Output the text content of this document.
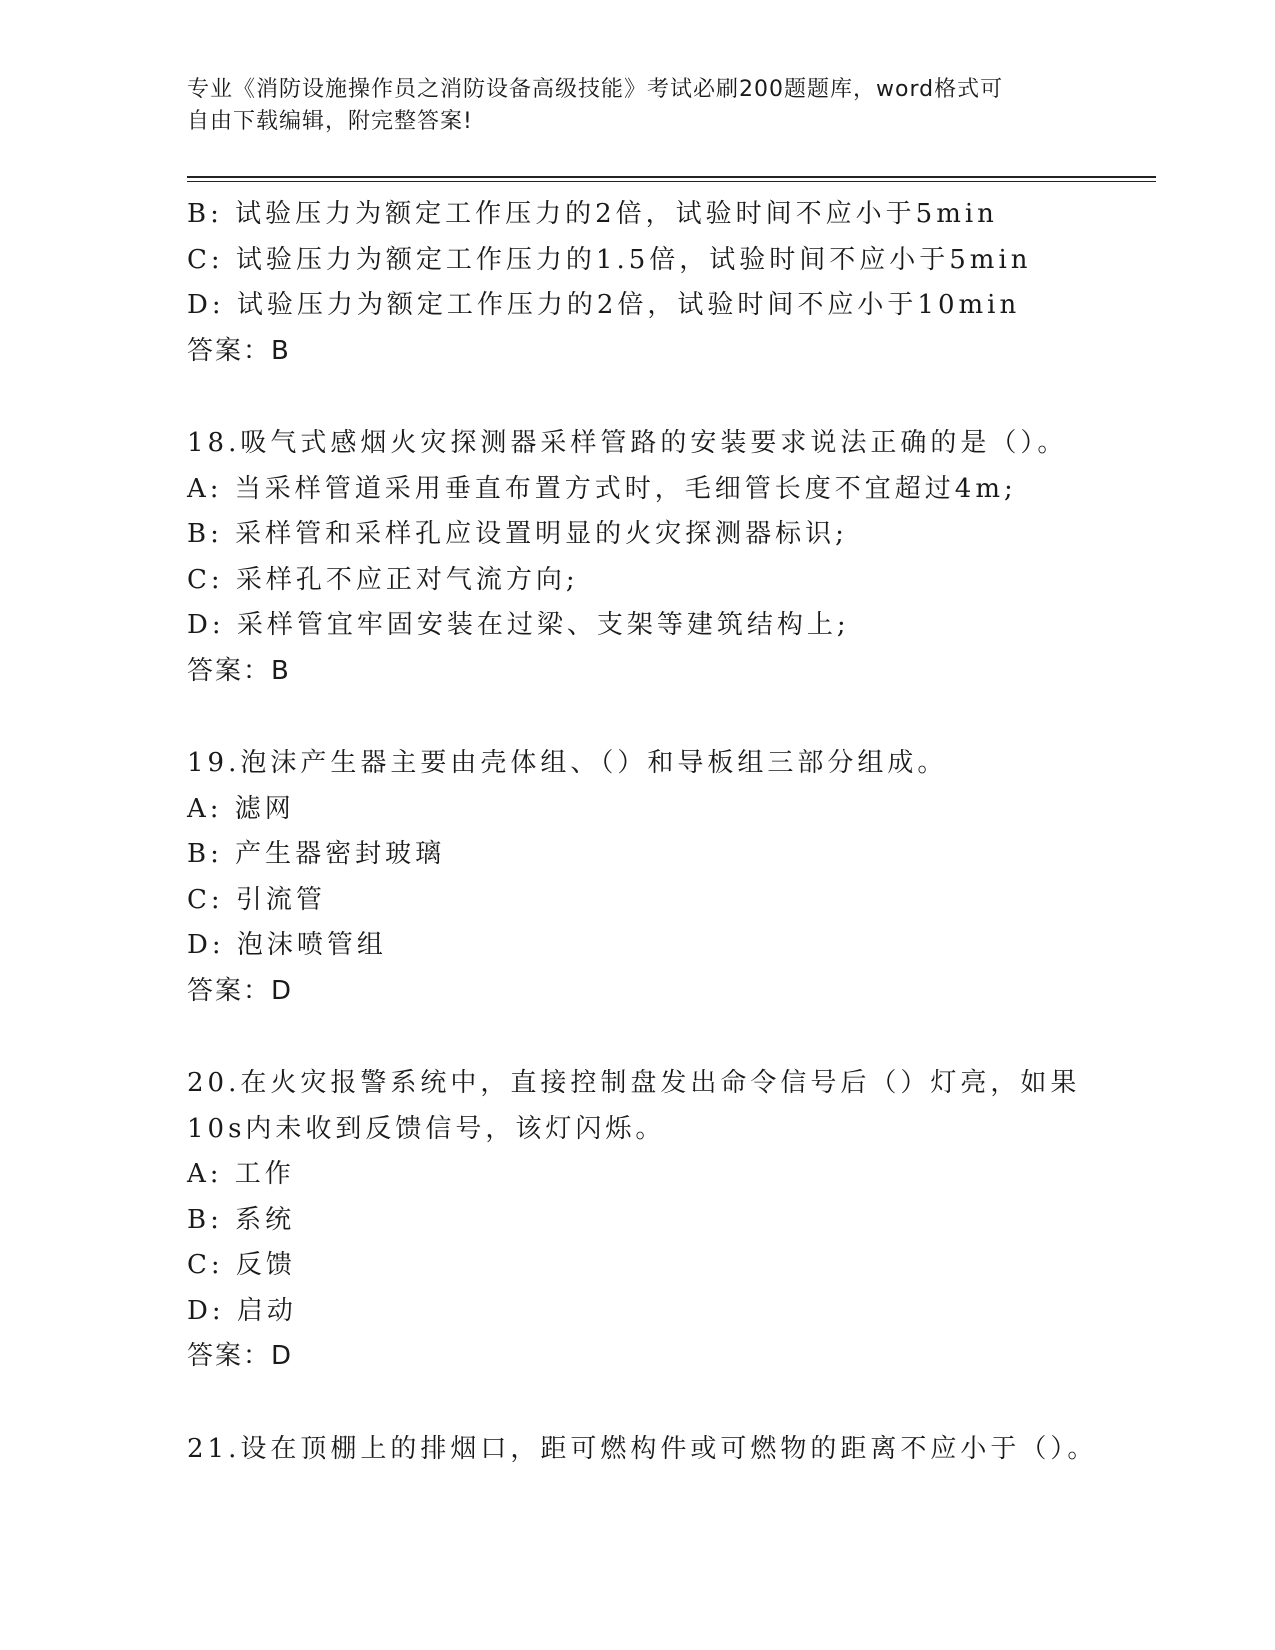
专业《消防设施操作员之消防设备高级技能》考试必刷200题题库，word格式可
自由下载编辑，附完整答案!
B: 试验压力为额定工作压力的2倍，试验时间不应小于5min
C: 试验压力为额定工作压力的1.5倍，试验时间不应小于5min
D: 试验压力为额定工作压力的2倍，试验时间不应小于10min
答案：B
18.吸气式感烟火灾探测器采样管路的安装要求说法正确的是（）。
A: 当采样管道采用垂直布置方式时，毛细管长度不宜超过4m;
B: 采样管和采样孔应设置明显的火灾探测器标识;
C: 采样孔不应正对气流方向;
D: 采样管宜牢固安装在过梁、支架等建筑结构上;
答案：B
19.泡沫产生器主要由壳体组、（）和导板组三部分组成。
A: 滤网
B: 产生器密封玻璃
C: 引流管
D: 泡沫喷管组
答案：D
20.在火灾报警系统中，直接控制盘发出命令信号后（）灯亮，如果
10s内未收到反馈信号，该灯闪烁。
A: 工作
B: 系统
C: 反馈
D: 启动
答案：D
21.设在顶棚上的排烟口，距可燃构件或可燃物的距离不应小于（）。
